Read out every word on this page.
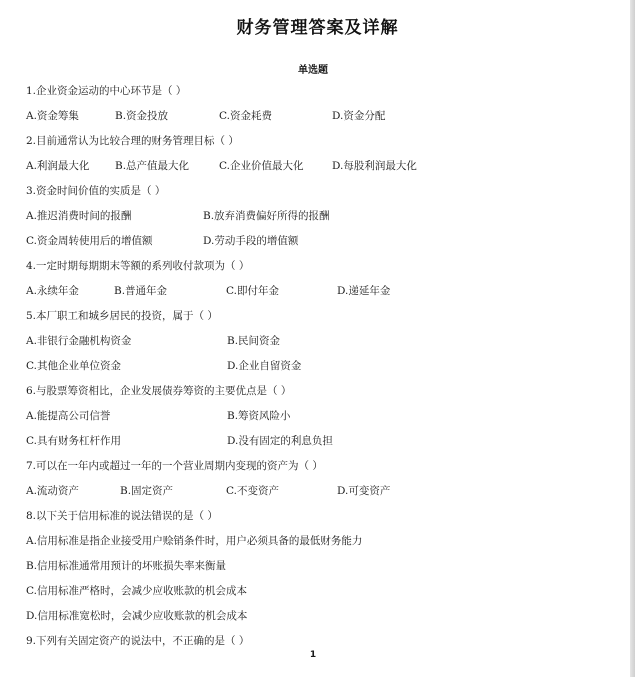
财务管理答案及详解
单选题
1.企业资金运动的中心环节是（ ）
A.资金筹集	B.资金投放	C.资金耗费	D.资金分配
2.目前通常认为比较合理的财务管理目标（ ）
A.利润最大化 B.总产值最大化	C.企业价值最大化	D.每股利润最大化
3.资金时间价值的实质是（ ）
A.推迟消费时间的报酬	B.放弃消费偏好所得的报酬
C.资金周转使用后的增值额	D.劳动手段的增值额
4.一定时期每期期末等额的系列收付款项为（ ）
A.永续年金	B.普通年金	C.即付年金	D.递延年金
5.本厂职工和城乡居民的投资，属于（ ）
A.非银行金融机构资金	B.民间资金
C.其他企业单位资金	D.企业自留资金
6.与股票筹资相比，企业发展债券筹资的主要优点是（ ）
A.能提高公司信誉	B.筹资风险小
C.具有财务杠杆作用	D.没有固定的利息负担
7.可以在一年内或超过一年的一个营业周期内变现的资产为（ ）
A.流动资产	B.固定资产	C.不变资产	D.可变资产
8.以下关于信用标准的说法错误的是（ ）
A.信用标准是指企业接受用户赊销条件时，用户必须具备的最低财务能力
B.信用标准通常用预计的坏账损失率来衡量
C.信用标准严格时，会减少应收账款的机会成本
D.信用标准宽松时，会减少应收账款的机会成本
9.下列有关固定资产的说法中，不正确的是（ ）
1
